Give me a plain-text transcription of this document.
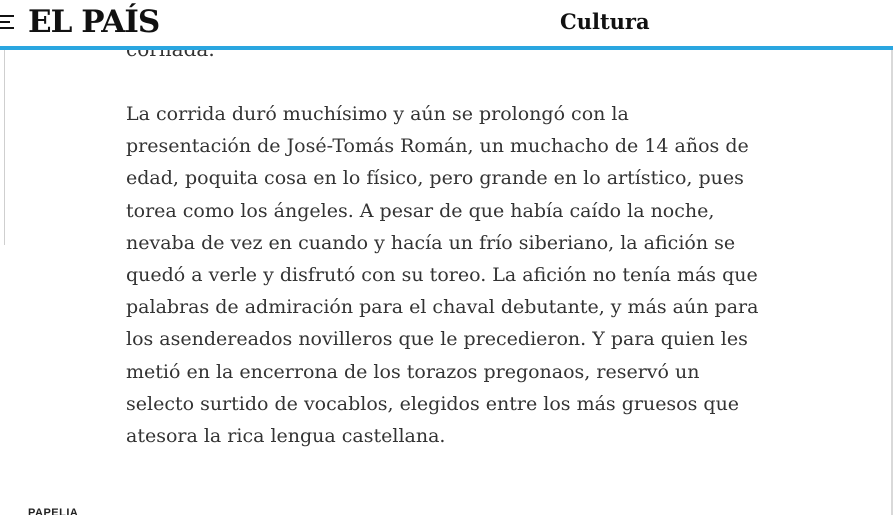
EL PAÍS	Cultura

La corrida duró muchísimo y aún se prolongó con la
presentación de José-Tomás Román, un muchacho de 14 años de
edad, poquita cosa en lo físico, pero grande en lo artístico, pues
torea como los ángeles. A pesar de que había caído la noche,
nevaba de vez en cuando y hacía un frío siberiano, la afición se
quedó a verle y disfrutó con su toreo. La afición no tenía más que
palabras de admiración para el chaval debutante, y más aún para
los asendereados novilleros que le precedieron. Y para quien les
metió en la encerrona de los torazos pregonaos, reservó un
selecto surtido de vocablos, elegidos entre los más gruesos que
atesora la rica lengua castellana.

PAPELIA
